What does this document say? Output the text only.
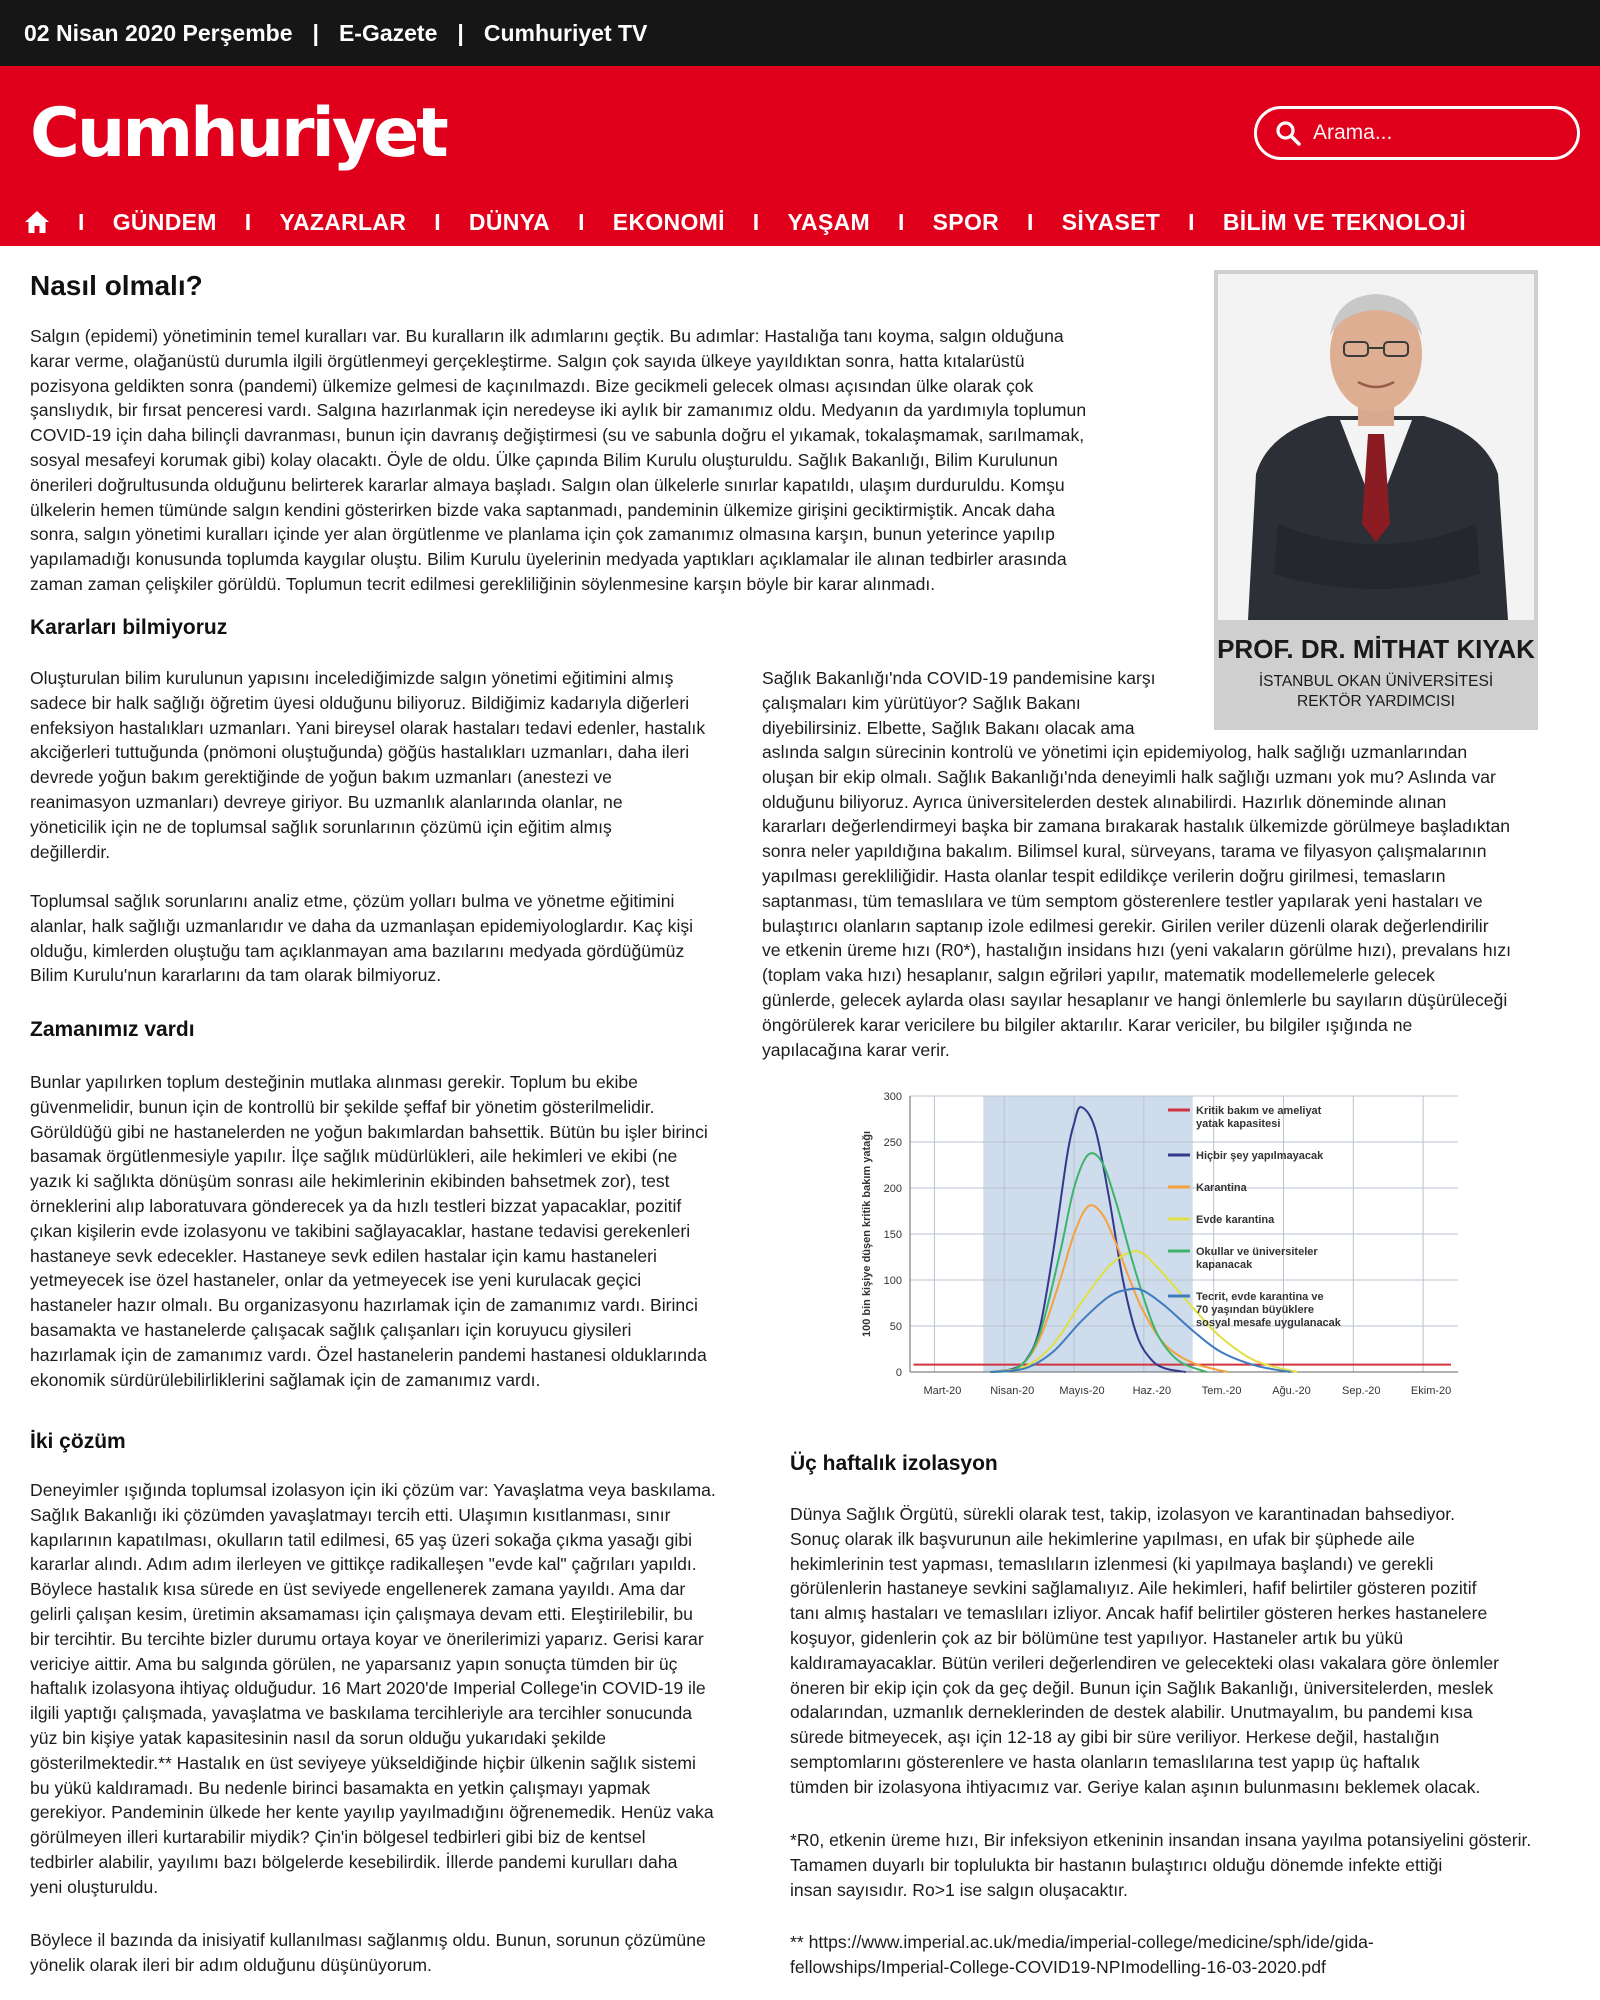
02 Nisan 2020 Perşembe | E-Gazete | Cumhuriyet TV
Cumhuriyet
Arama...
I GÜNDEM I YAZARLAR I DÜNYA I EKONOMİ I YAŞAM I SPOR I SİYASET I BİLİM VE TEKNOLOJİ
Nasıl olmalı?
Salgın (epidemi) yönetiminin temel kuralları var. Bu kuralların ilk adımlarını geçtik. Bu adımlar: Hastalığa tanı koyma, salgın olduğuna
karar verme, olağanüstü durumla ilgili örgütlenmeyi gerçekleştirme. Salgın çok sayıda ülkeye yayıldıktan sonra, hatta kıtalarüstü
pozisyona geldikten sonra (pandemi) ülkemize gelmesi de kaçınılmazdı. Bize gecikmeli gelecek olması açısından ülke olarak çok
şanslıydık, bir fırsat penceresi vardı. Salgına hazırlanmak için neredeyse iki aylık bir zamanımız oldu. Medyanın da yardımıyla toplumun
COVID-19 için daha bilinçli davranması, bunun için davranış değiştirmesi (su ve sabunla doğru el yıkamak, tokalaşmamak, sarılmamak,
sosyal mesafeyi korumak gibi) kolay olacaktı. Öyle de oldu. Ülke çapında Bilim Kurulu oluşturuldu. Sağlık Bakanlığı, Bilim Kurulunun
önerileri doğrultusunda olduğunu belirterek kararlar almaya başladı. Salgın olan ülkelerle sınırlar kapatıldı, ulaşım durduruldu. Komşu
ülkelerin hemen tümünde salgın kendini gösterirken bizde vaka saptanmadı, pandeminin ülkemize girişini geciktirmiştik. Ancak daha
sonra, salgın yönetimi kuralları içinde yer alan örgütlenme ve planlama için çok zamanımız olmasına karşın, bunun yeterince yapılıp
yapılamadığı konusunda toplumda kaygılar oluştu. Bilim Kurulu üyelerinin medyada yaptıkları açıklamalar ile alınan tedbirler arasında
zaman zaman çelişkiler görüldü. Toplumun tecrit edilmesi gerekliliğinin söylenmesine karşın böyle bir karar alınmadı.
PROF. DR. MİTHAT KIYAK
İSTANBUL OKAN ÜNİVERSİTESİ
REKTÖR YARDIMCISI
Kararları bilmiyoruz
Oluşturulan bilim kurulunun yapısını incelediğimizde salgın yönetimi eğitimini almış
sadece bir halk sağlığı öğretim üyesi olduğunu biliyoruz. Bildiğimiz kadarıyla diğerleri
enfeksiyon hastalıkları uzmanları. Yani bireysel olarak hastaları tedavi edenler, hastalık
akciğerleri tuttuğunda (pnömoni oluştuğunda) göğüs hastalıkları uzmanları, daha ileri
devrede yoğun bakım gerektiğinde de yoğun bakım uzmanları (anestezi ve
reanimasyon uzmanları) devreye giriyor. Bu uzmanlık alanlarında olanlar, ne
yöneticilik için ne de toplumsal sağlık sorunlarının çözümü için eğitim almış
değillerdir.
Toplumsal sağlık sorunlarını analiz etme, çözüm yolları bulma ve yönetme eğitimini
alanlar, halk sağlığı uzmanlarıdır ve daha da uzmanlaşan epidemiyologlardır. Kaç kişi
olduğu, kimlerden oluştuğu tam açıklanmayan ama bazılarını medyada gördüğümüz
Bilim Kurulu'nun kararlarını da tam olarak bilmiyoruz.
Zamanımız vardı
Bunlar yapılırken toplum desteğinin mutlaka alınması gerekir. Toplum bu ekibe
güvenmelidir, bunun için de kontrollü bir şekilde şeffaf bir yönetim gösterilmelidir.
Görüldüğü gibi ne hastanelerden ne yoğun bakımlardan bahsettik. Bütün bu işler birinci
basamak örgütlenmesiyle yapılır. İlçe sağlık müdürlükleri, aile hekimleri ve ekibi (ne
yazık ki sağlıkta dönüşüm sonrası aile hekimlerinin ekibinden bahsetmek zor), test
örneklerini alıp laboratuvara gönderecek ya da hızlı testleri bizzat yapacaklar, pozitif
çıkan kişilerin evde izolasyonu ve takibini sağlayacaklar, hastane tedavisi gerekenleri
hastaneye sevk edecekler. Hastaneye sevk edilen hastalar için kamu hastaneleri
yetmeyecek ise özel hastaneler, onlar da yetmeyecek ise yeni kurulacak geçici
hastaneler hazır olmalı. Bu organizasyonu hazırlamak için de zamanımız vardı. Birinci
basamakta ve hastanelerde çalışacak sağlık çalışanları için koruyucu giysileri
hazırlamak için de zamanımız vardı. Özel hastanelerin pandemi hastanesi olduklarında
ekonomik sürdürülebilirliklerini sağlamak için de zamanımız vardı.
İki çözüm
Deneyimler ışığında toplumsal izolasyon için iki çözüm var: Yavaşlatma veya baskılama.
Sağlık Bakanlığı iki çözümden yavaşlatmayı tercih etti. Ulaşımın kısıtlanması, sınır
kapılarının kapatılması, okulların tatil edilmesi, 65 yaş üzeri sokağa çıkma yasağı gibi
kararlar alındı. Adım adım ilerleyen ve gittikçe radikalleşen "evde kal" çağrıları yapıldı.
Böylece hastalık kısa sürede en üst seviyede engellenerek zamana yayıldı. Ama dar
gelirli çalışan kesim, üretimin aksamaması için çalışmaya devam etti. Eleştirilebilir, bu
bir tercihtir. Bu tercihte bizler durumu ortaya koyar ve önerilerimizi yaparız. Gerisi karar
vericiye aittir. Ama bu salgında görülen, ne yaparsanız yapın sonuçta tümden bir üç
haftalık izolasyona ihtiyaç olduğudur. 16 Mart 2020'de Imperial College'in COVID-19 ile
ilgili yaptığı çalışmada, yavaşlatma ve baskılama tercihleriyle ara tercihler sonucunda
yüz bin kişiye yatak kapasitesinin nasıl da sorun olduğu yukarıdaki şekilde
gösterilmektedir.** Hastalık en üst seviyeye yükseldiğinde hiçbir ülkenin sağlık sistemi
bu yükü kaldıramadı. Bu nedenle birinci basamakta en yetkin çalışmayı yapmak
gerekiyor. Pandeminin ülkede her kente yayılıp yayılmadığını öğrenemedik. Henüz vaka
görülmeyen illeri kurtarabilir miydik? Çin'in bölgesel tedbirleri gibi biz de kentsel
tedbirler alabilir, yayılımı bazı bölgelerde kesebilirdik. İllerde pandemi kurulları daha
yeni oluşturuldu.
Böylece il bazında da inisiyatif kullanılması sağlanmış oldu. Bunun, sorunun çözümüne
yönelik olarak ileri bir adım olduğunu düşünüyorum.
Sağlık Bakanlığı'nda COVID-19 pandemisine karşı
çalışmaları kim yürütüyor? Sağlık Bakanı
diyebilirsiniz. Elbette, Sağlık Bakanı olacak ama
aslında salgın sürecinin kontrolü ve yönetimi için epidemiyolog, halk sağlığı uzmanlarından
oluşan bir ekip olmalı. Sağlık Bakanlığı'nda deneyimli halk sağlığı uzmanı yok mu? Aslında var
olduğunu biliyoruz. Ayrıca üniversitelerden destek alınabilirdi. Hazırlık döneminde alınan
kararları değerlendirmeyi başka bir zamana bırakarak hastalık ülkemizde görülmeye başladıktan
sonra neler yapıldığına bakalım. Bilimsel kural, sürveyans, tarama ve filyasyon çalışmalarının
yapılması gerekliliğidir. Hasta olanlar tespit edildikçe verilerin doğru girilmesi, temasların
saptanması, tüm temaslılara ve tüm semptom gösterenlere testler yapılarak yeni hastaları ve
bulaştırıcı olanların saptanıp izole edilmesi gerekir. Girilen veriler düzenli olarak değerlendirilir
ve etkenin üreme hızı (R0*), hastalığın insidans hızı (yeni vakaların görülme hızı), prevalans hızı
(toplam vaka hızı) hesaplanır, salgın eğriləri yapılır, matematik modellemelerle gelecek
günlerde, gelecek aylarda olası sayılar hesaplanır ve hangi önlemlerle bu sayıların düşürüleceği
öngörülerek karar vericilere bu bilgiler aktarılır. Karar vericiler, bu bilgiler ışığında ne
yapılacağına karar verir.
0
50
100
150
200
250
300
Mart-20	Nisan-20 Mayıs-20	Haz.-20	Tem.-20	Ağu.-20	Sep.-20	Ekim-20
100 bin kişiye düşen kritik bakım yatağı
Kritik bakım ve ameliyat yatak kapasitesi
Hiçbir şey yapılmayacak
Karantina
Evde karantina
Okullar ve üniversiteler kapanacak
Tecrit, evde karantina ve 70 yaşından büyüklere sosyal mesafe uygulanacak
Üç haftalık izolasyon
Dünya Sağlık Örgütü, sürekli olarak test, takip, izolasyon ve karantinadan bahsediyor.
Sonuç olarak ilk başvurunun aile hekimlerine yapılması, en ufak bir şüphede aile
hekimlerinin test yapması, temaslıların izlenmesi (ki yapılmaya başlandı) ve gerekli
görülenlerin hastaneye sevkini sağlamalıyız. Aile hekimleri, hafif belirtiler gösteren pozitif
tanı almış hastaları ve temaslıları izliyor. Ancak hafif belirtiler gösteren herkes hastanelere
koşuyor, gidenlerin çok az bir bölümüne test yapılıyor. Hastaneler artık bu yükü
kaldıramayacaklar. Bütün verileri değerlendiren ve gelecekteki olası vakalara göre önlemler
öneren bir ekip için çok da geç değil. Bunun için Sağlık Bakanlığı, üniversitelerden, meslek
odalarından, uzmanlık derneklerinden de destek alabilir. Unutmayalım, bu pandemi kısa
sürede bitmeyecek, aşı için 12-18 ay gibi bir süre veriliyor. Herkese değil, hastalığın
semptomlarını gösterenlere ve hasta olanların temaslılarına test yapıp üç haftalık
tümden bir izolasyona ihtiyacımız var. Geriye kalan aşının bulunmasını beklemek olacak.
*R0, etkenin üreme hızı, Bir infeksiyon etkeninin insandan insana yayılma potansiyelini gösterir.
Tamamen duyarlı bir toplulukta bir hastanın bulaştırıcı olduğu dönemde infekte ettiği
insan sayısıdır. Ro>1 ise salgın oluşacaktır.
** https://www.imperial.ac.uk/media/imperial-college/medicine/sph/ide/gida-
fellowships/Imperial-College-COVID19-NPImodelling-16-03-2020.pdf
